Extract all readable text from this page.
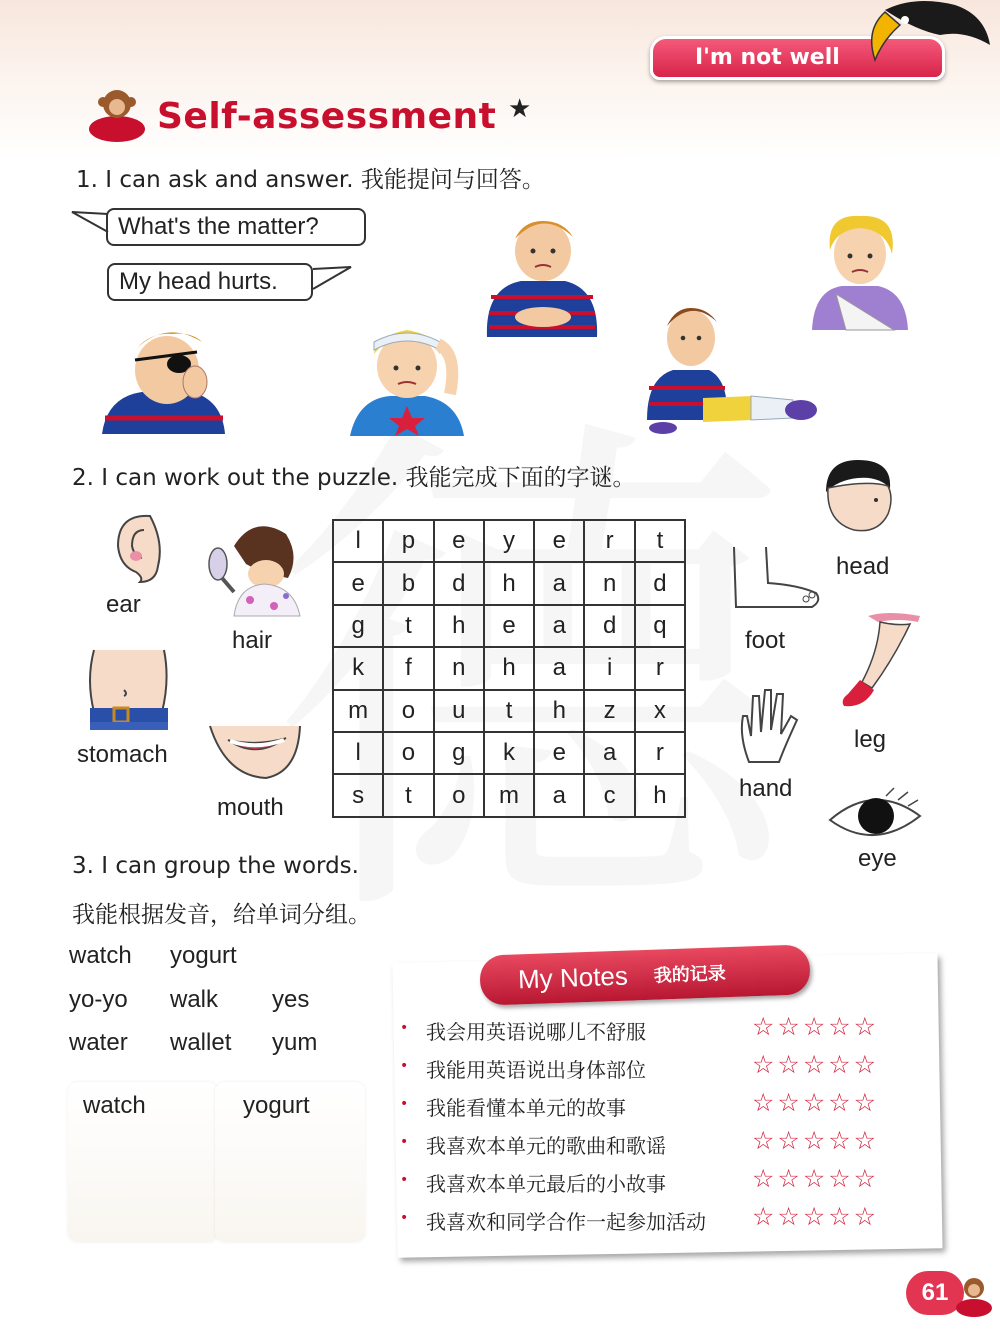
I'm not well
Self-assessment ★
1. I can ask and answer. 我能提问与回答。
What's the matter?
My head hurts.
2. I can work out the puzzle. 我能完成下面的字谜。
l	p	e	y	e	r	t
e	b	d	h	a	n	d
g	t	h	e	a	d	q
k	f	n	h	a	i	r
m	o	u	t	h	z	x
l	o	g	k	e	a	r
s	t	o	m	a	c	h
ear
hair
stomach
mouth
head
foot
leg
hand
eye
3. I can group the words.
我能根据发音，给单词分组。
watch yogurt
yo-yo walk yes
water wallet yum
watch	yogurt
My Notes 我的记录
• 我会用英语说哪儿不舒服	☆☆☆☆☆
• 我能用英语说出身体部位	☆☆☆☆☆
• 我能看懂本单元的故事	☆☆☆☆☆
• 我喜欢本单元的歌曲和歌谣	☆☆☆☆☆
• 我喜欢本单元最后的小故事	☆☆☆☆☆
• 我喜欢和同学合作一起参加活动 ☆☆☆☆☆
61
